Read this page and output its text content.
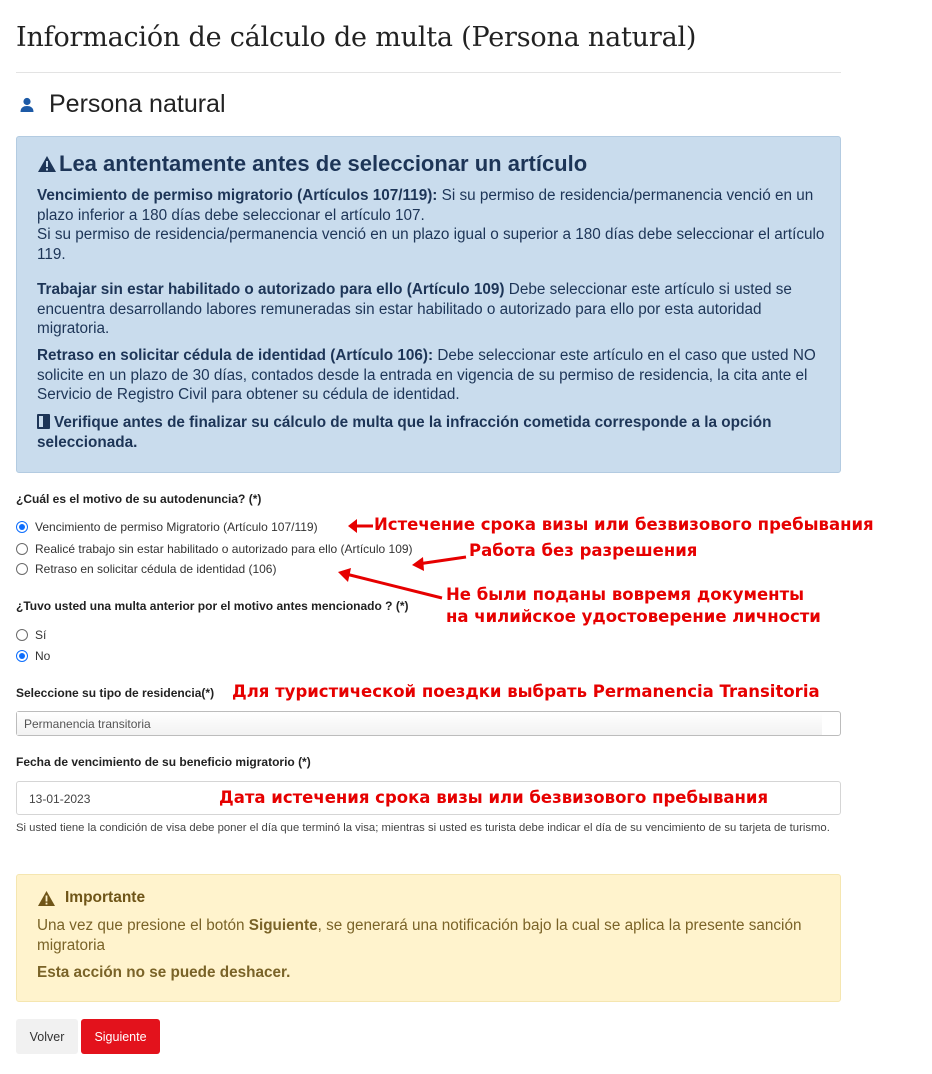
Información de cálculo de multa (Persona natural)
Persona natural
Lea antentamente antes de seleccionar un artículo
Vencimiento de permiso migratorio (Artículos 107/119): Si su permiso de residencia/permanencia venció en un plazo inferior a 180 días debe seleccionar el artículo 107.
Si su permiso de residencia/permanencia venció en un plazo igual o superior a 180 días debe seleccionar el artículo 119.
Trabajar sin estar habilitado o autorizado para ello (Artículo 109) Debe seleccionar este artículo si usted se encuentra desarrollando labores remuneradas sin estar habilitado o autorizado para ello por esta autoridad migratoria.
Retraso en solicitar cédula de identidad (Artículo 106): Debe seleccionar este artículo en el caso que usted NO solicite en un plazo de 30 días, contados desde la entrada en vigencia de su permiso de residencia, la cita ante el Servicio de Registro Civil para obtener su cédula de identidad.
Verifique antes de finalizar su cálculo de multa que la infracción cometida corresponde a la opción seleccionada.
¿Cuál es el motivo de su autodenuncia? (*)
Vencimiento de permiso Migratorio (Artículo 107/119)
Realicé trabajo sin estar habilitado o autorizado para ello (Artículo 109)
Retraso en solicitar cédula de identidad (106)
¿Tuvo usted una multa anterior por el motivo antes mencionado ? (*)
Sí
No
Seleccione su tipo de residencia(*)
Permanencia transitoria
Fecha de vencimiento de su beneficio migratorio (*)
13-01-2023
Si usted tiene la condición de visa debe poner el día que terminó la visa; mientras si usted es turista debe indicar el día de su vencimiento de su tarjeta de turismo.
Importante
Una vez que presione el botón Siguiente, se generará una notificación bajo la cual se aplica la presente sanción migratoria
Esta acción no se puede deshacer.
Volver	Siguiente
Истечение срока визы или безвизового пребывания
Работа без разрешения
Не были поданы вовремя документы
на чилийское удостоверение личности
Для туристической поездки выбрать Permanencia Transitoria
Дата истечения срока визы или безвизового пребывания
